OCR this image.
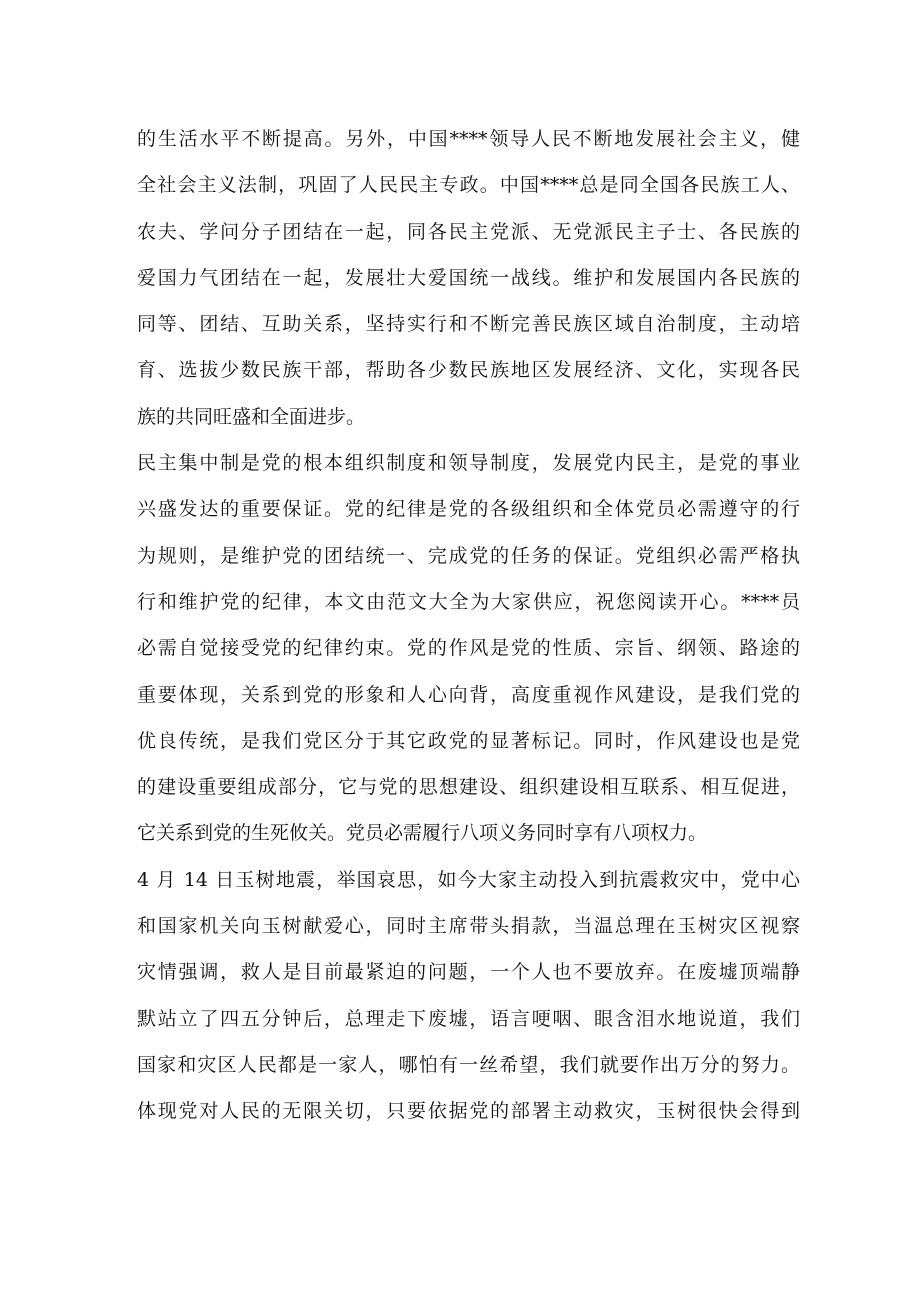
的生活水平不断提高。另外，中国****领导人民不断地发展社会主义，健
全社会主义法制，巩固了人民民主专政。中国****总是同全国各民族工人、
农夫、学问分子团结在一起，同各民主党派、无党派民主子士、各民族的
爱国力气团结在一起，发展壮大爱国统一战线。维护和发展国内各民族的
同等、团结、互助关系，坚持实行和不断完善民族区域自治制度，主动培
育、选拔少数民族干部，帮助各少数民族地区发展经济、文化，实现各民
族的共同旺盛和全面进步。
民主集中制是党的根本组织制度和领导制度，发展党内民主，是党的事业
兴盛发达的重要保证。党的纪律是党的各级组织和全体党员必需遵守的行
为规则，是维护党的团结统一、完成党的任务的保证。党组织必需严格执
行和维护党的纪律，本文由范文大全为大家供应，祝您阅读开心。****员
必需自觉接受党的纪律约束。党的作风是党的性质、宗旨、纲领、路途的
重要体现，关系到党的形象和人心向背，高度重视作风建设，是我们党的
优良传统，是我们党区分于其它政党的显著标记。同时，作风建设也是党
的建设重要组成部分，它与党的思想建设、组织建设相互联系、相互促进，
它关系到党的生死攸关。党员必需履行八项义务同时享有八项权力。
4 月 14 日玉树地震，举国哀思，如今大家主动投入到抗震救灾中，党中心
和国家机关向玉树献爱心，同时主席带头捐款，当温总理在玉树灾区视察
灾情强调，救人是目前最紧迫的问题，一个人也不要放弃。在废墟顶端静
默站立了四五分钟后，总理走下废墟，语言哽咽、眼含泪水地说道，我们
国家和灾区人民都是一家人，哪怕有一丝希望，我们就要作出万分的努力。
体现党对人民的无限关切，只要依据党的部署主动救灾，玉树很快会得到
